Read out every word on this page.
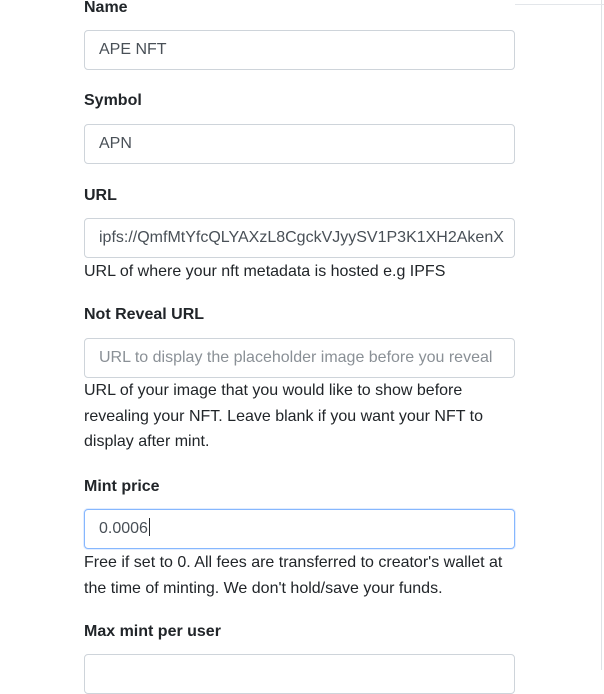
Name
APE NFT
Symbol
APN
URL
ipfs://QmfMtYfcQLYAXzL8CgckVJyySV1P3K1XH2AkenX
URL of where your nft metadata is hosted e.g IPFS
Not Reveal URL
URL to display the placeholder image before you reveal
URL of your image that you would like to show before
revealing your NFT. Leave blank if you want your NFT to
display after mint.
Mint price
0.0006
Free if set to 0. All fees are transferred to creator's wallet at
the time of minting. We don't hold/save your funds.
Max mint per user
